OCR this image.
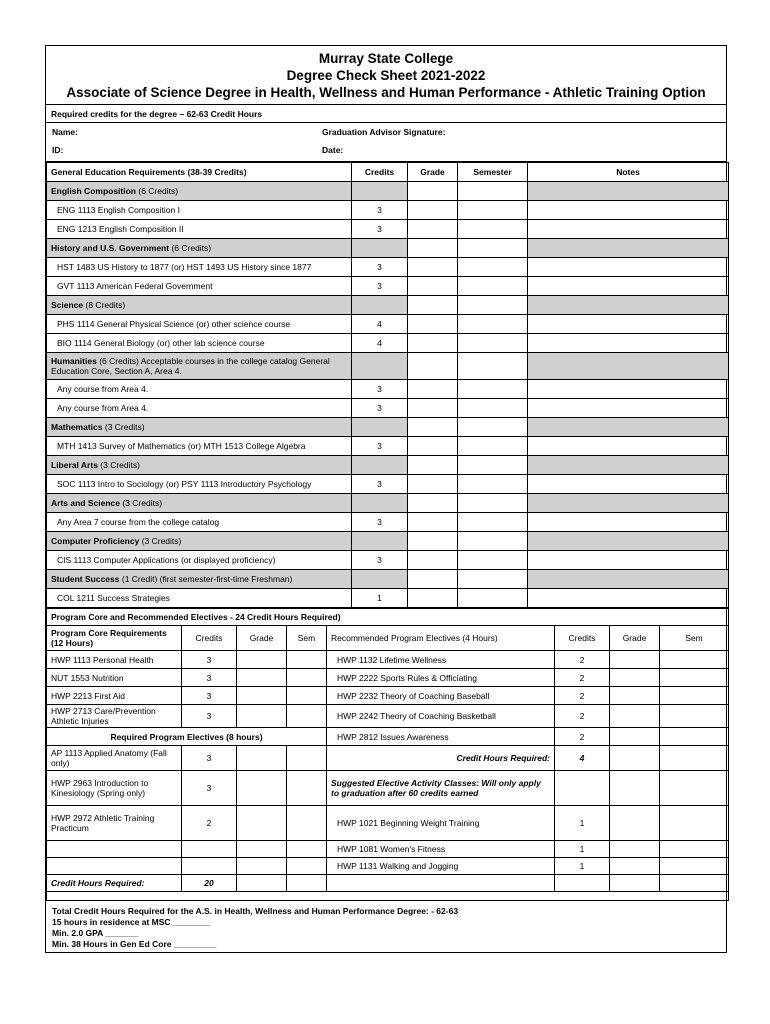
Murray State College
Degree Check Sheet 2021-2022
Associate of Science Degree in Health, Wellness and Human Performance - Athletic Training Option
Required credits for the degree – 62-63 Credit Hours
Name:
ID:
Graduation Advisor Signature:
Date:
General Education Requirements (38-39 Credits)	Credits	Grade	Semester	Notes
English Composition (6 Credits)				
ENG 1113 English Composition I	3			
ENG 1213 English Composition II	3			
History and U.S. Government (6 Credits)				
HST 1483 US History to 1877 (or) HST 1493 US History since 1877	3			
GVT 1113 American Federal Government	3			
Science (8 Credits)				
PHS 1114 General Physical Science (or) other science course	4			
BIO 1114 General Biology (or) other lab science course	4			
Humanities (6 Credits) Acceptable courses in the college catalog General Education Core, Section A, Area 4.				
Any course from Area 4.	3			
Any course from Area 4.	3			
Mathematics (3 Credits)				
MTH 1413 Survey of Mathematics (or) MTH 1513 College Algebra	3			
Liberal Arts (3 Credits)				
SOC 1113 Intro to Sociology (or) PSY 1113 Introductory Psychology	3			
Arts and Science (3 Credits)				
Any Area 7 course from the college catalog	3			
Computer Proficiency (3 Credits)				
CIS 1113 Computer Applications (or displayed proficiency)	3			
Student Success (1 Credit) (first semester-first-time Freshman)				
COL 1211 Success Strategies	1			
Program Core and Recommended Electives - 24 Credit Hours Required)							
Program Core Requirements (12 Hours)	Credits	Grade	Sem	Recommended Program Electives (4 Hours)	Credits	Grade	Sem
HWP 1113 Personal Health	3			HWP 1132 Lifetime Wellness	2		
NUT 1553 Nutrition	3			HWP 2222 Sports Rules & Officiating	2		
HWP 2213 First Aid	3			HWP 2232 Theory of Coaching Baseball	2		
HWP 2713 Care/Prevention Athletic Injuries	3			HWP 2242 Theory of Coaching Basketball	2		
Required Program Electives (8 hours)				HWP 2812 Issues Awareness	2		
AP 1113 Applied Anatomy (Fall only)	3			Credit Hours Required:	4		
HWP 2963 Introduction to Kinesiology (Spring only)	3			Suggested Elective Activity Classes: Will only apply to graduation after 60 credits earned			
HWP 2972 Athletic Training Practicum	2			HWP 1021 Beginning Weight Training	1		
				HWP 1081 Women's Fitness	1		
				HWP 1131 Walking and Jogging	1		
Credit Hours Required:	20						

Total Credit Hours Required for the A.S. in Health, Wellness and Human Performance Degree: - 62-63
15 hours in residence at MSC ________
Min. 2.0 GPA _______
Min. 38 Hours in Gen Ed Core _________
